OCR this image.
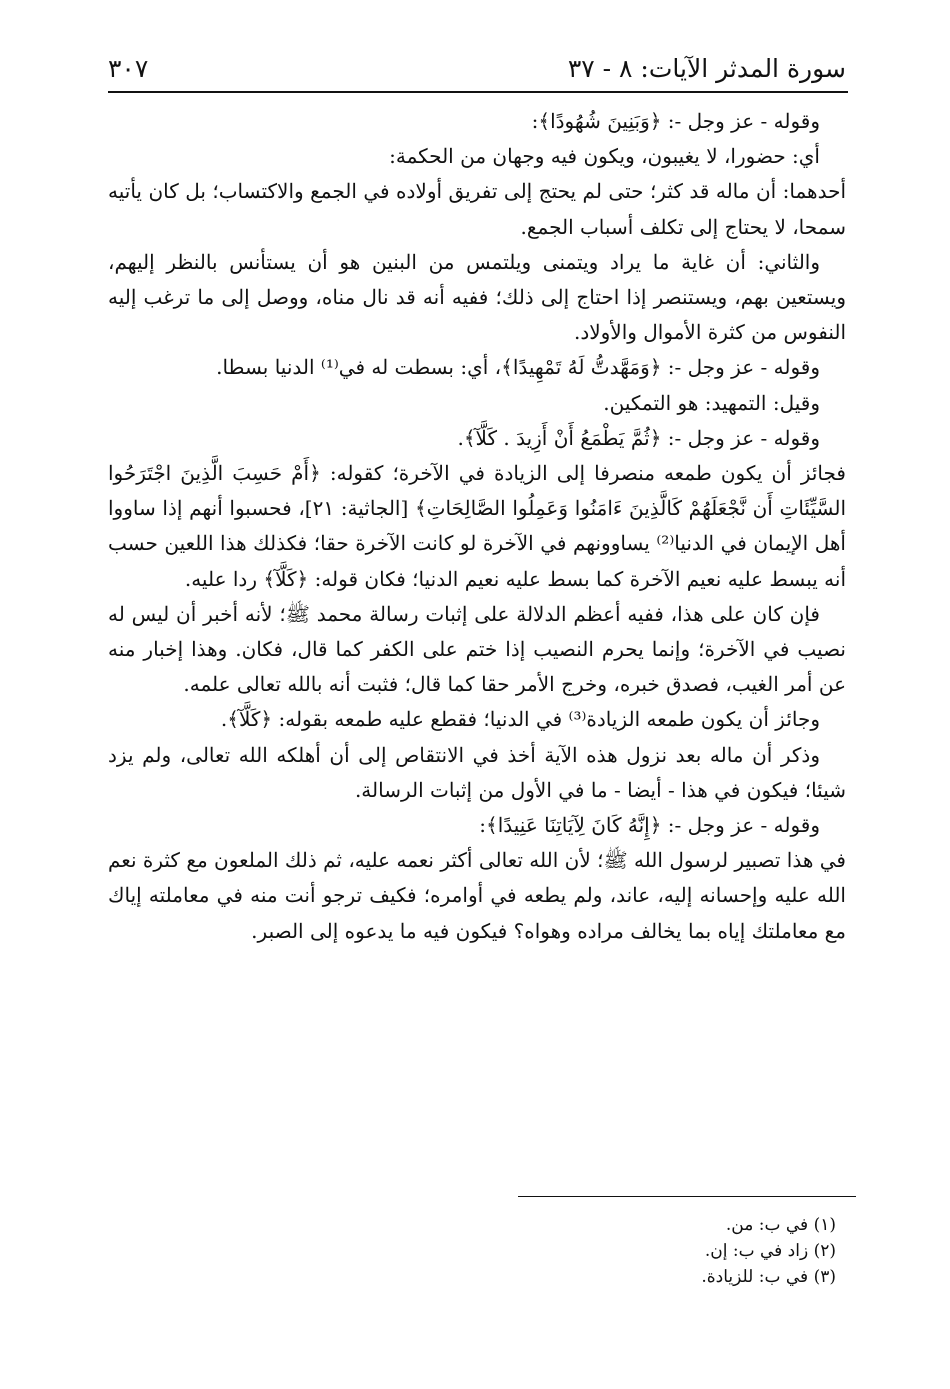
سورة المدثر الآيات: ٨ - ٣٧
٣٠٧

وقوله - عز وجل -: ﴿وَبَنِينَ شُهُودًا﴾:

أي: حضورا، لا يغيبون، ويكون فيه وجهان من الحكمة:

أحدهما: أن ماله قد كثر؛ حتى لم يحتج إلى تفريق أولاده في الجمع والاكتساب؛ بل كان يأتيه سمحا، لا يحتاج إلى تكلف أسباب الجمع.

والثاني: أن غاية ما يراد ويتمنى ويلتمس من البنين هو أن يستأنس بالنظر إليهم، ويستعين بهم، ويستنصر إذا احتاج إلى ذلك؛ ففيه أنه قد نال مناه، ووصل إلى ما ترغب إليه النفوس من كثرة الأموال والأولاد.

وقوله - عز وجل -: ﴿وَمَهَّدتُّ لَهُ تَمْهِيدًا﴾، أي: بسطت له في⁽¹⁾ الدنيا بسطا.

وقيل: التمهيد: هو التمكين.

وقوله - عز وجل -: ﴿ثُمَّ يَطْمَعُ أَنْ أَزِيدَ . كَلَّآ﴾.

فجائز أن يكون طمعه منصرفا إلى الزيادة في الآخرة؛ كقوله: ﴿أَمْ حَسِبَ الَّذِينَ اجْتَرَحُوا السَّيِّئَاتِ أَن نَّجْعَلَهُمْ كَالَّذِينَ ءَامَنُوا وَعَمِلُوا الصَّالِحَاتِ﴾ [الجاثية: ٢١]، فحسبوا أنهم إذا ساووا أهل الإيمان في الدنيا⁽²⁾ يساوونهم في الآخرة لو كانت الآخرة حقا؛ فكذلك هذا اللعين حسب أنه يبسط عليه نعيم الآخرة كما بسط عليه نعيم الدنيا؛ فكان قوله: ﴿كَلَّآ﴾ ردا عليه.

فإن كان على هذا، ففيه أعظم الدلالة على إثبات رسالة محمد ﷺ؛ لأنه أخبر أن ليس له نصيب في الآخرة؛ وإنما يحرم النصيب إذا ختم على الكفر كما قال، فكان. وهذا إخبار منه عن أمر الغيب، فصدق خبره، وخرج الأمر حقا كما قال؛ فثبت أنه بالله تعالى علمه.

وجائز أن يكون طمعه الزيادة⁽³⁾ في الدنيا؛ فقطع عليه طمعه بقوله: ﴿كَلَّآ﴾.

وذكر أن ماله بعد نزول هذه الآية أخذ في الانتقاص إلى أن أهلكه الله تعالى، ولم يزد شيئا؛ فيكون في هذا - أيضا - ما في الأول من إثبات الرسالة.

وقوله - عز وجل -: ﴿إِنَّهُ كَانَ لِآيَاتِنَا عَنِيدًا﴾:

في هذا تصبير لرسول الله ﷺ؛ لأن الله تعالى أكثر نعمه عليه، ثم ذلك الملعون مع كثرة نعم الله عليه وإحسانه إليه، عاند، ولم يطعه في أوامره؛ فكيف ترجو أنت منه في معاملته إياك مع معاملتك إياه بما يخالف مراده وهواه؟ فيكون فيه ما يدعوه إلى الصبر.

(١) في ب: من.

(٢) زاد في ب: إن.

(٣) في ب: للزيادة.
